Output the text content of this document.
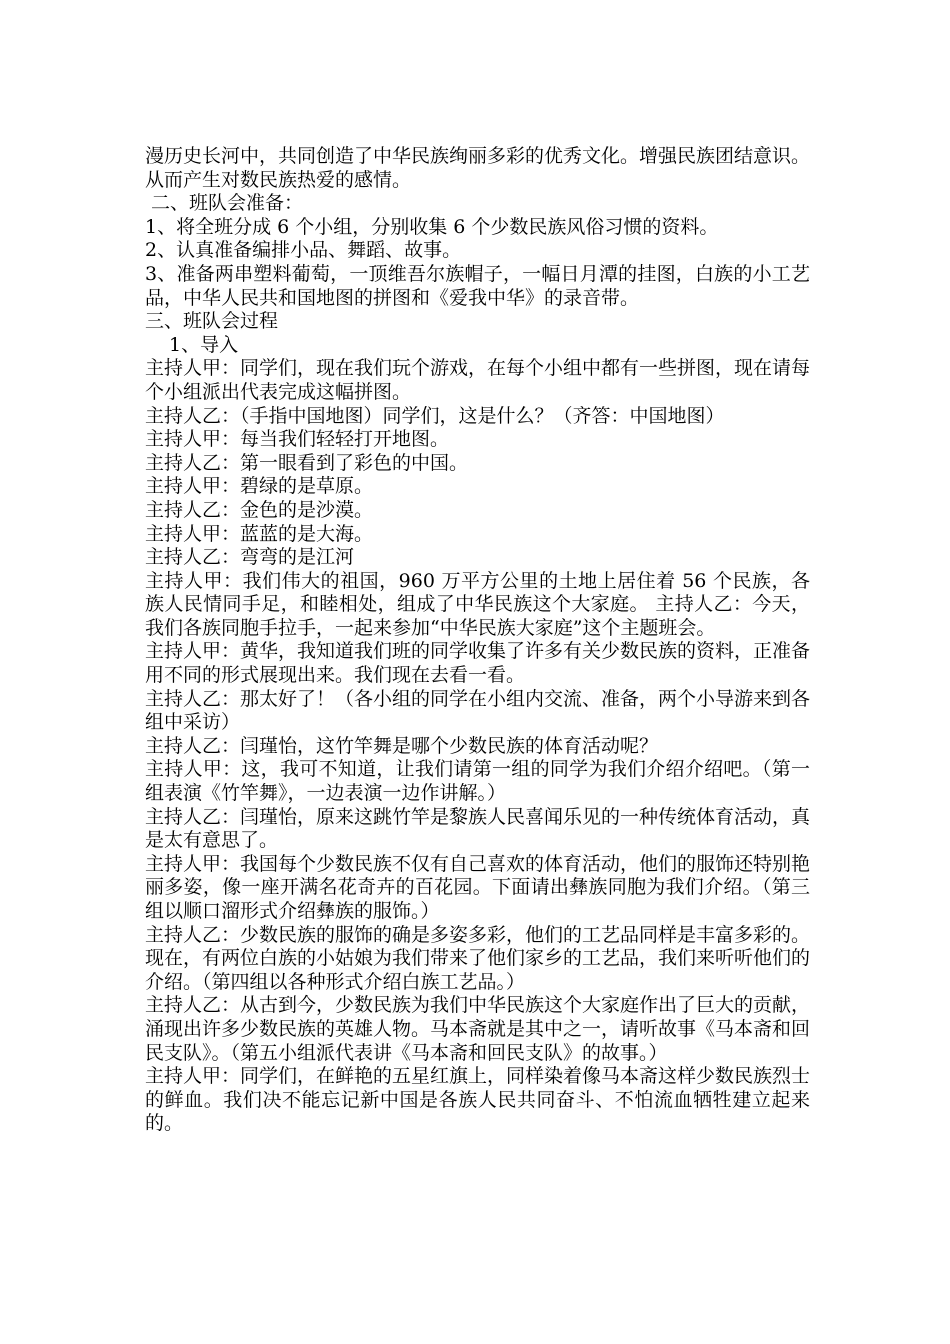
漫历史长河中，共同创造了中华民族绚丽多彩的优秀文化。增强民族团结意识。从而产生对数民族热爱的感情。

二、班队会准备：

1、将全班分成 6 个小组，分别收集 6 个少数民族风俗习惯的资料。

2、认真准备编排小品、舞蹈、故事。

3、准备两串塑料葡萄，一顶维吾尔族帽子，一幅日月潭的挂图，白族的小工艺品，中华人民共和国地图的拼图和《爱我中华》的录音带。

三、班队会过程

1、导入

主持人甲：同学们，现在我们玩个游戏，在每个小组中都有一些拼图，现在请每个小组派出代表完成这幅拼图。

主持人乙：（手指中国地图）同学们，这是什么？（齐答：中国地图）

主持人甲：每当我们轻轻打开地图。

主持人乙：第一眼看到了彩色的中国。

主持人甲：碧绿的是草原。

主持人乙：金色的是沙漠。

主持人甲：蓝蓝的是大海。

主持人乙：弯弯的是江河

主持人甲：我们伟大的祖国，960 万平方公里的土地上居住着 56 个民族，各族人民情同手足，和睦相处，组成了中华民族这个大家庭。 主持人乙：今天，我们各族同胞手拉手，一起来参加“中华民族大家庭”这个主题班会。

主持人甲：黄华，我知道我们班的同学收集了许多有关少数民族的资料，正准备用不同的形式展现出来。我们现在去看一看。

主持人乙：那太好了！（各小组的同学在小组内交流、准备，两个小导游来到各组中采访）

主持人乙：闫瑾怡，这竹竿舞是哪个少数民族的体育活动呢？

主持人甲：这，我可不知道，让我们请第一组的同学为我们介绍介绍吧。（第一组表演《竹竿舞》，一边表演一边作讲解。）

主持人乙：闫瑾怡，原来这跳竹竿是黎族人民喜闻乐见的一种传统体育活动，真是太有意思了。

主持人甲：我国每个少数民族不仅有自己喜欢的体育活动，他们的服饰还特别艳丽多姿，像一座开满名花奇卉的百花园。下面请出彝族同胞为我们介绍。（第三组以顺口溜形式介绍彝族的服饰。）

主持人乙：少数民族的服饰的确是多姿多彩，他们的工艺品同样是丰富多彩的。现在，有两位白族的小姑娘为我们带来了他们家乡的工艺品，我们来听听他们的介绍。（第四组以各种形式介绍白族工艺品。）

主持人乙：从古到今，少数民族为我们中华民族这个大家庭作出了巨大的贡献，涌现出许多少数民族的英雄人物。马本斋就是其中之一，请听故事《马本斋和回民支队》。（第五小组派代表讲《马本斋和回民支队》的故事。）

主持人甲：同学们，在鲜艳的五星红旗上，同样染着像马本斋这样少数民族烈士的鲜血。我们决不能忘记新中国是各族人民共同奋斗、不怕流血牺牲建立起来的。
